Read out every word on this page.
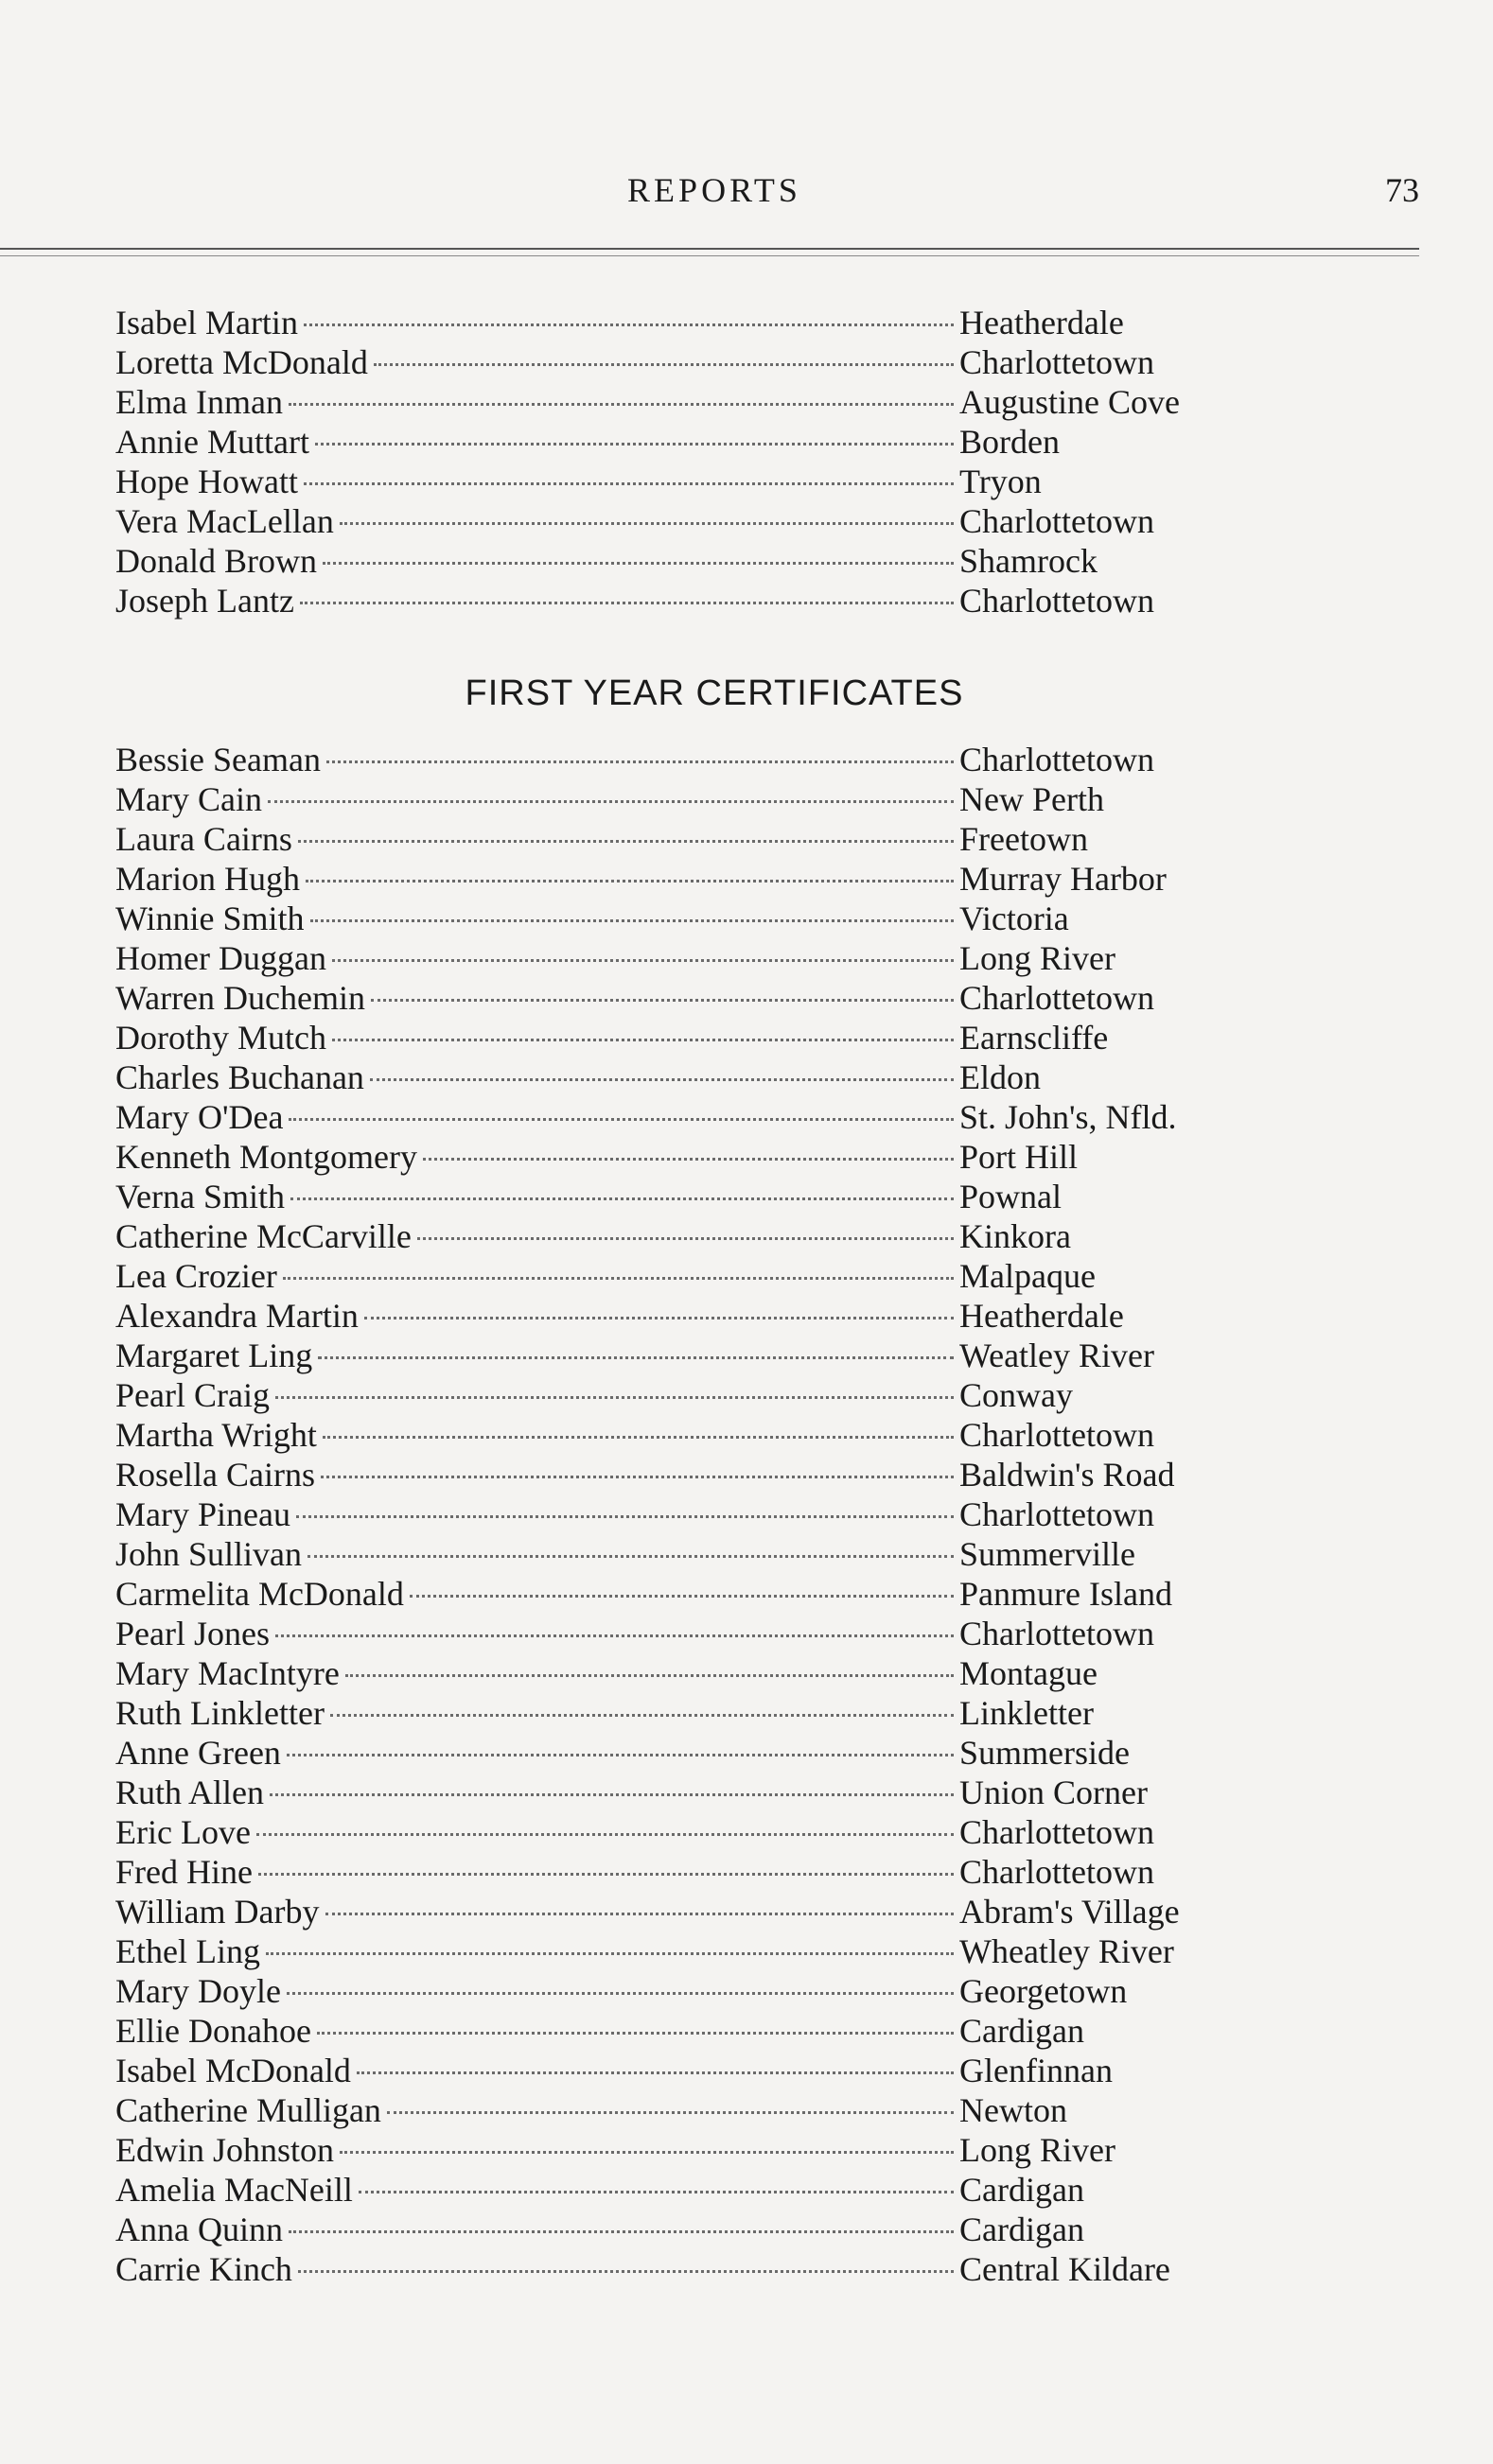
REPORTS	73
Isabel Martin	Heatherdale
Loretta McDonald	Charlottetown
Elma Inman	Augustine Cove
Annie Muttart	Borden
Hope Howatt	Tryon
Vera MacLellan	Charlottetown
Donald Brown	Shamrock
Joseph Lantz	Charlottetown
FIRST YEAR CERTIFICATES
Bessie Seaman	Charlottetown
Mary Cain	New Perth
Laura Cairns	Freetown
Marion Hugh	Murray Harbor
Winnie Smith	Victoria
Homer Duggan	Long River
Warren Duchemin	Charlottetown
Dorothy Mutch	Earnscliffe
Charles Buchanan	Eldon
Mary O'Dea	St. John's, Nfld.
Kenneth Montgomery	Port Hill
Verna Smith	Pownal
Catherine McCarville	Kinkora
Lea Crozier	Malpaque
Alexandra Martin	Heatherdale
Margaret Ling	Weatley River
Pearl Craig	Conway
Martha Wright	Charlottetown
Rosella Cairns	Baldwin's Road
Mary Pineau	Charlottetown
John Sullivan	Summerville
Carmelita McDonald	Panmure Island
Pearl Jones	Charlottetown
Mary MacIntyre	Montague
Ruth Linkletter	Linkletter
Anne Green	Summerside
Ruth Allen	Union Corner
Eric Love	Charlottetown
Fred Hine	Charlottetown
William Darby	Abram's Village
Ethel Ling	Wheatley River
Mary Doyle	Georgetown
Ellie Donahoe	Cardigan
Isabel McDonald	Glenfinnan
Catherine Mulligan	Newton
Edwin Johnston	Long River
Amelia MacNeill	Cardigan
Anna Quinn	Cardigan
Carrie Kinch	Central Kildare
